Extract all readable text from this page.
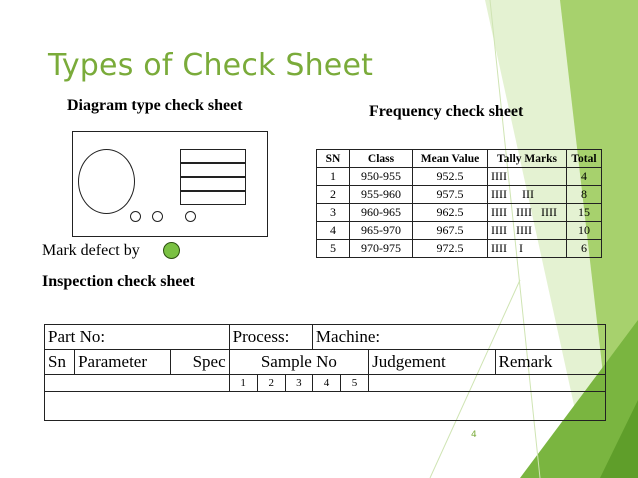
Types of Check Sheet
Diagram type check sheet	Frequency check sheet
Mark defect by
Inspection check sheet
SN	Class	Mean Value	Tally Marks	Total
1	950-955	952.5	IIII	4
2	955-960	957.5	IIII     III	8
3	960-965	962.5	IIII   IIII   IIII	15
4	965-970	967.5	IIII   IIII	10
5	970-975	972.5	IIII    I	6
Part No:			Process:			Machine:			
Sn	Parameter	Spec	Sample No					Judgement	Remark
			1	2	3	4	5		

4
